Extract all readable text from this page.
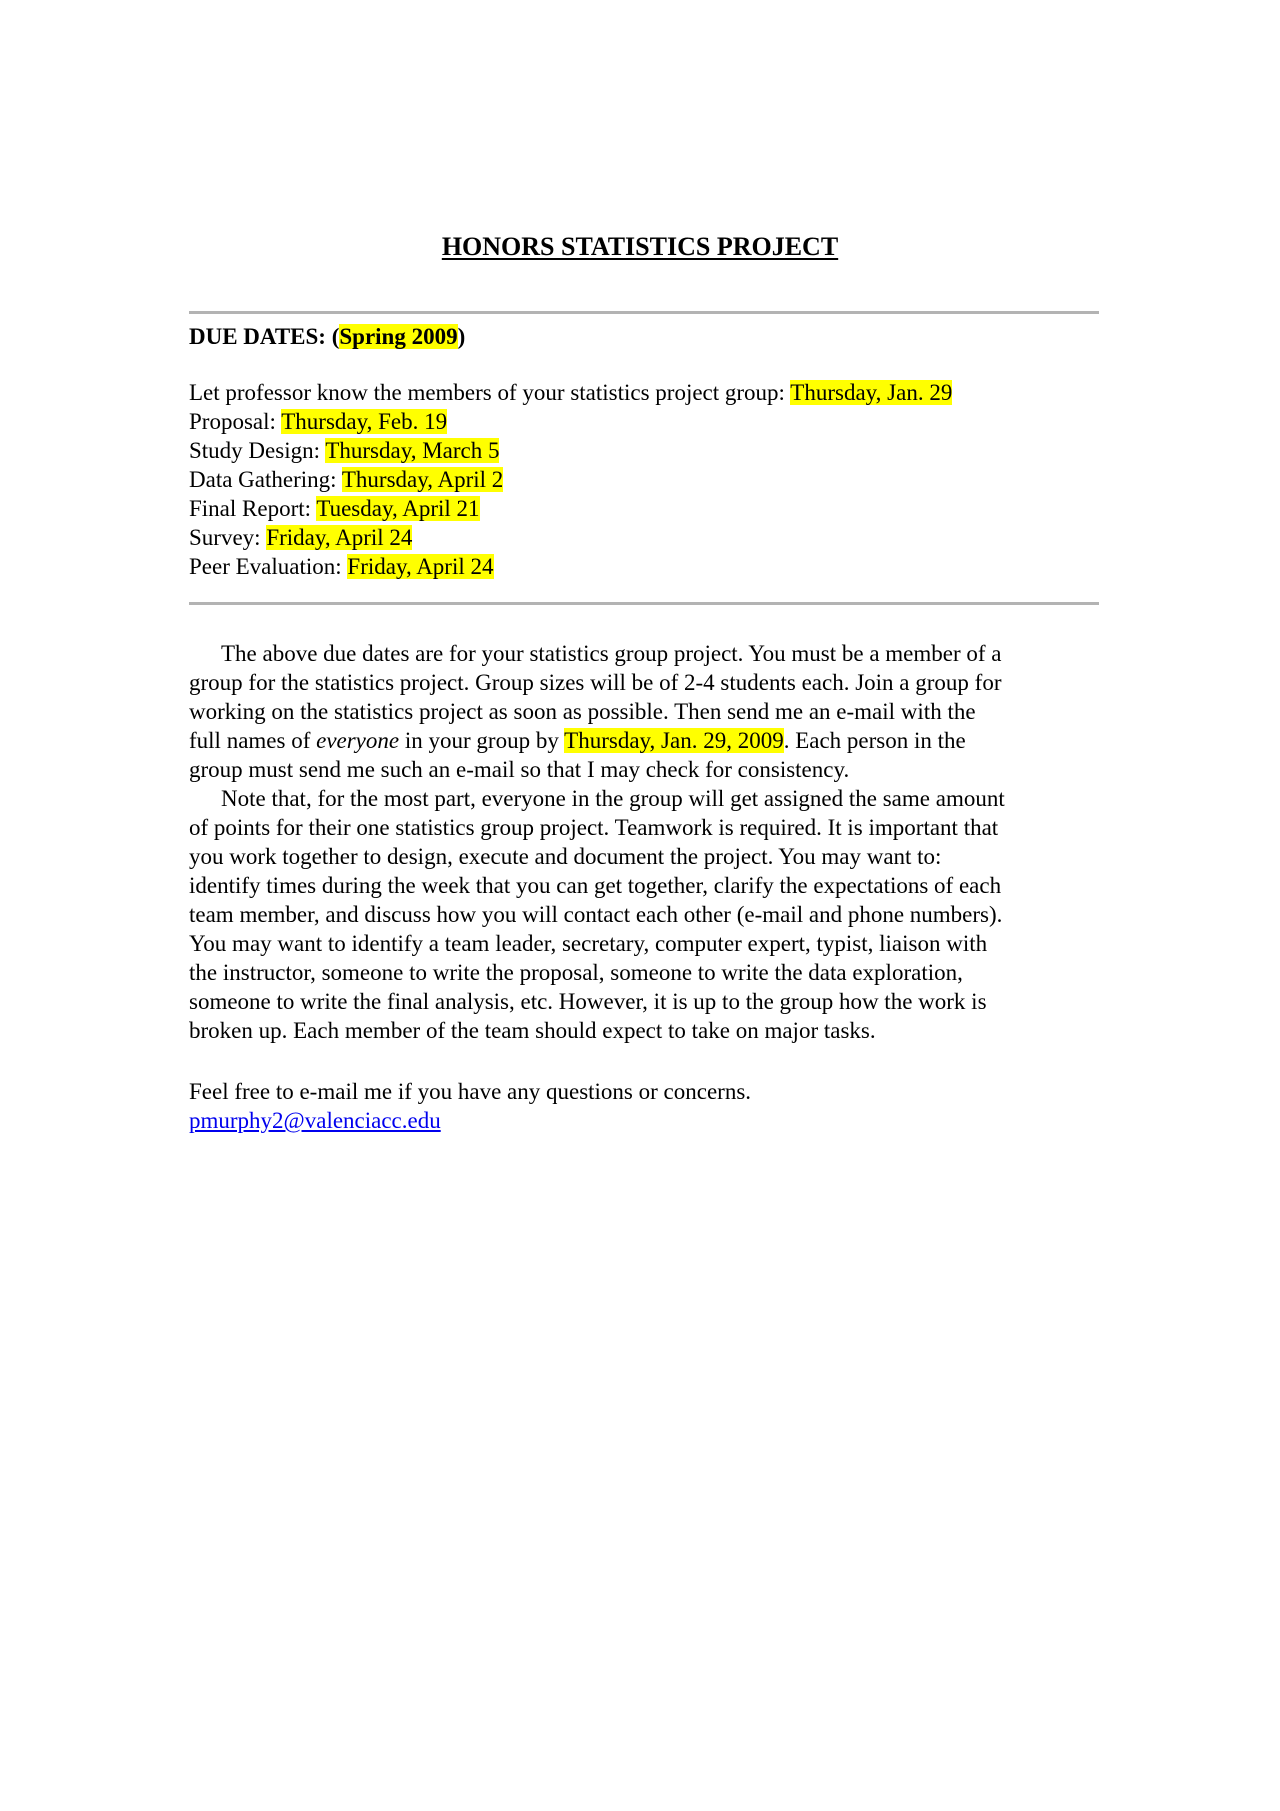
HONORS STATISTICS PROJECT
DUE DATES: (Spring 2009)
Let professor know the members of your statistics project group: Thursday, Jan. 29
Proposal: Thursday, Feb. 19
Study Design: Thursday, March 5
Data Gathering: Thursday, April 2
Final Report: Tuesday, April 21
Survey: Friday, April 24
Peer Evaluation: Friday, April 24

The above due dates are for your statistics group project. You must be a member of a

group for the statistics project. Group sizes will be of 2-4 students each. Join a group for

working on the statistics project as soon as possible. Then send me an e-mail with the

full names of everyone in your group by Thursday, Jan. 29, 2009. Each person in the

group must send me such an e-mail so that I may check for consistency.

Note that, for the most part, everyone in the group will get assigned the same amount

of points for their one statistics group project. Teamwork is required. It is important that

you work together to design, execute and document the project. You may want to:

identify times during the week that you can get together, clarify the expectations of each

team member, and discuss how you will contact each other (e-mail and phone numbers).

You may want to identify a team leader, secretary, computer expert, typist, liaison with

the instructor, someone to write the proposal, someone to write the data exploration,

someone to write the final analysis, etc. However, it is up to the group how the work is

broken up. Each member of the team should expect to take on major tasks.

Feel free to e-mail me if you have any questions or concerns.
pmurphy2@valenciacc.edu
